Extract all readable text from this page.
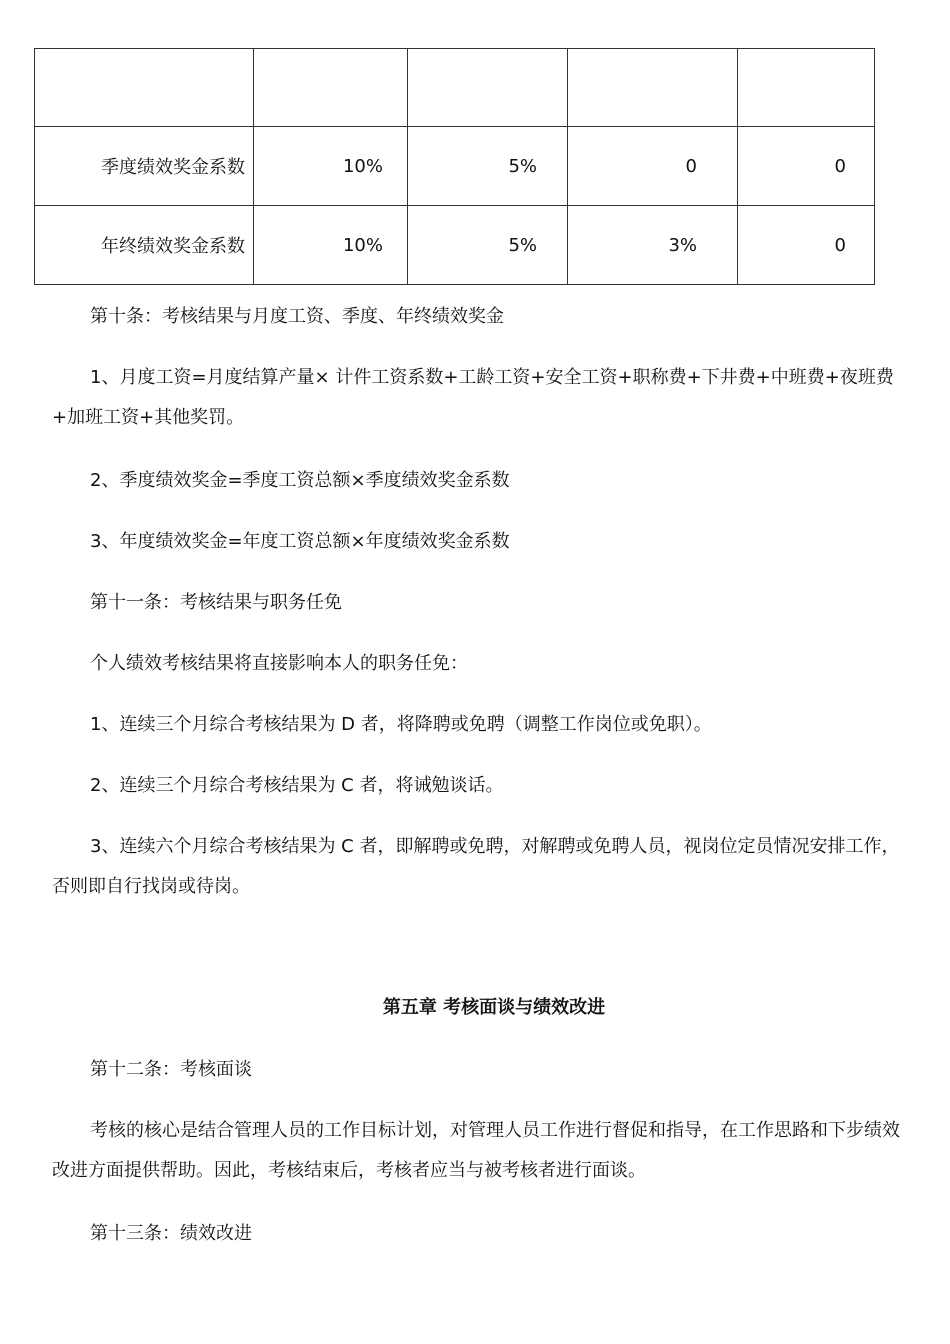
季度绩效奖金系数	10%	5%	0	0
年终绩效奖金系数	10%	5%	3%	0

第十条：考核结果与月度工资、季度、年终绩效奖金

1、月度工资=月度结算产量× 计件工资系数+工龄工资+安全工资+职称费+下井费+中班费+夜班费+加班工资+其他奖罚。

2、季度绩效奖金=季度工资总额×季度绩效奖金系数

3、年度绩效奖金=年度工资总额×年度绩效奖金系数

第十一条：考核结果与职务任免

个人绩效考核结果将直接影响本人的职务任免：

1、连续三个月综合考核结果为 D 者，将降聘或免聘（调整工作岗位或免职）。

2、连续三个月综合考核结果为 C 者，将诫勉谈话。

3、连续六个月综合考核结果为 C 者，即解聘或免聘，对解聘或免聘人员，视岗位定员情况安排工作，否则即自行找岗或待岗。

第五章 考核面谈与绩效改进

第十二条：考核面谈

考核的核心是结合管理人员的工作目标计划，对管理人员工作进行督促和指导，在工作思路和下步绩效改进方面提供帮助。因此，考核结束后，考核者应当与被考核者进行面谈。

第十三条：绩效改进
